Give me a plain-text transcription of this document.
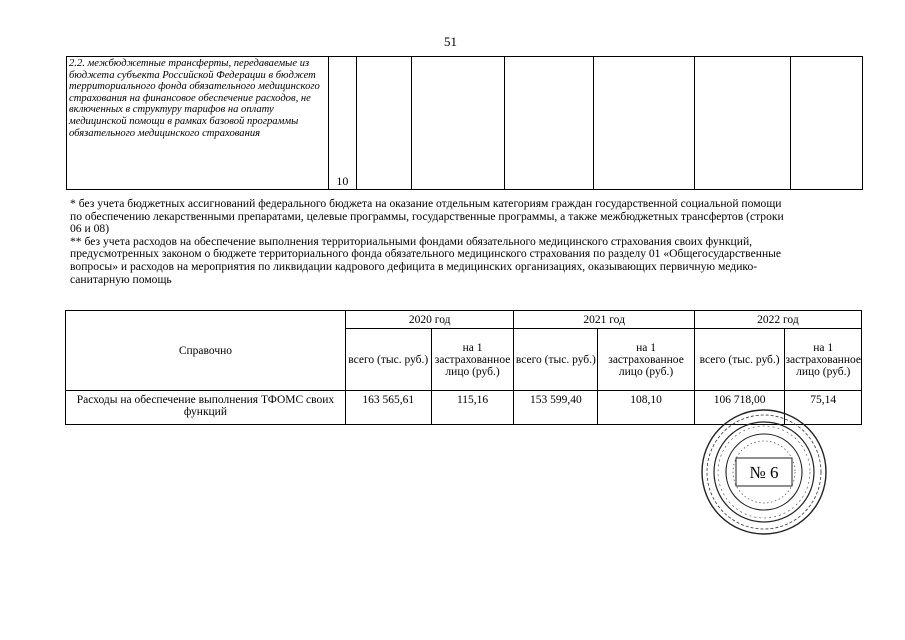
51
2.2. межбюджетные трансферты, передаваемые из бюджета субъекта Российской Федерации в бюджет территориального фонда обязательного медицинского страхования на финансовое обеспечение расходов, не включенных в структуру тарифов на оплату медицинской помощи в рамках базовой программы обязательного медицинского страхования	10						

* без учета бюджетных ассигнований федерального бюджета на оказание отдельным категориям граждан государственной социальной помощи по обеспечению лекарственными препаратами, целевые программы, государственные программы, а также межбюджетных трансфертов (строки 06 и 08)

** без учета расходов на обеспечение выполнения территориальными фондами обязательного медицинского страхования своих функций, предусмотренных законом о бюджете территориального фонда обязательного медицинского страхования по разделу 01 «Общегосударственные вопросы» и расходов на мероприятия по ликвидации кадрового дефицита в медицинских организациях, оказывающих первичную медико-санитарную помощь

Справочно	2020 год		2021 год		2022 год	
	всего (тыс. руб.)	на 1 застрахованное лицо (руб.)	всего (тыс. руб.)	на 1 застрахованное лицо (руб.)	всего (тыс. руб.)	на 1 застрахованное лицо (руб.)
Расходы на обеспечение выполнения ТФОМС своих функций	163 565,61	115,16	153 599,40	108,10	106 718,00	75,14
№ 6
